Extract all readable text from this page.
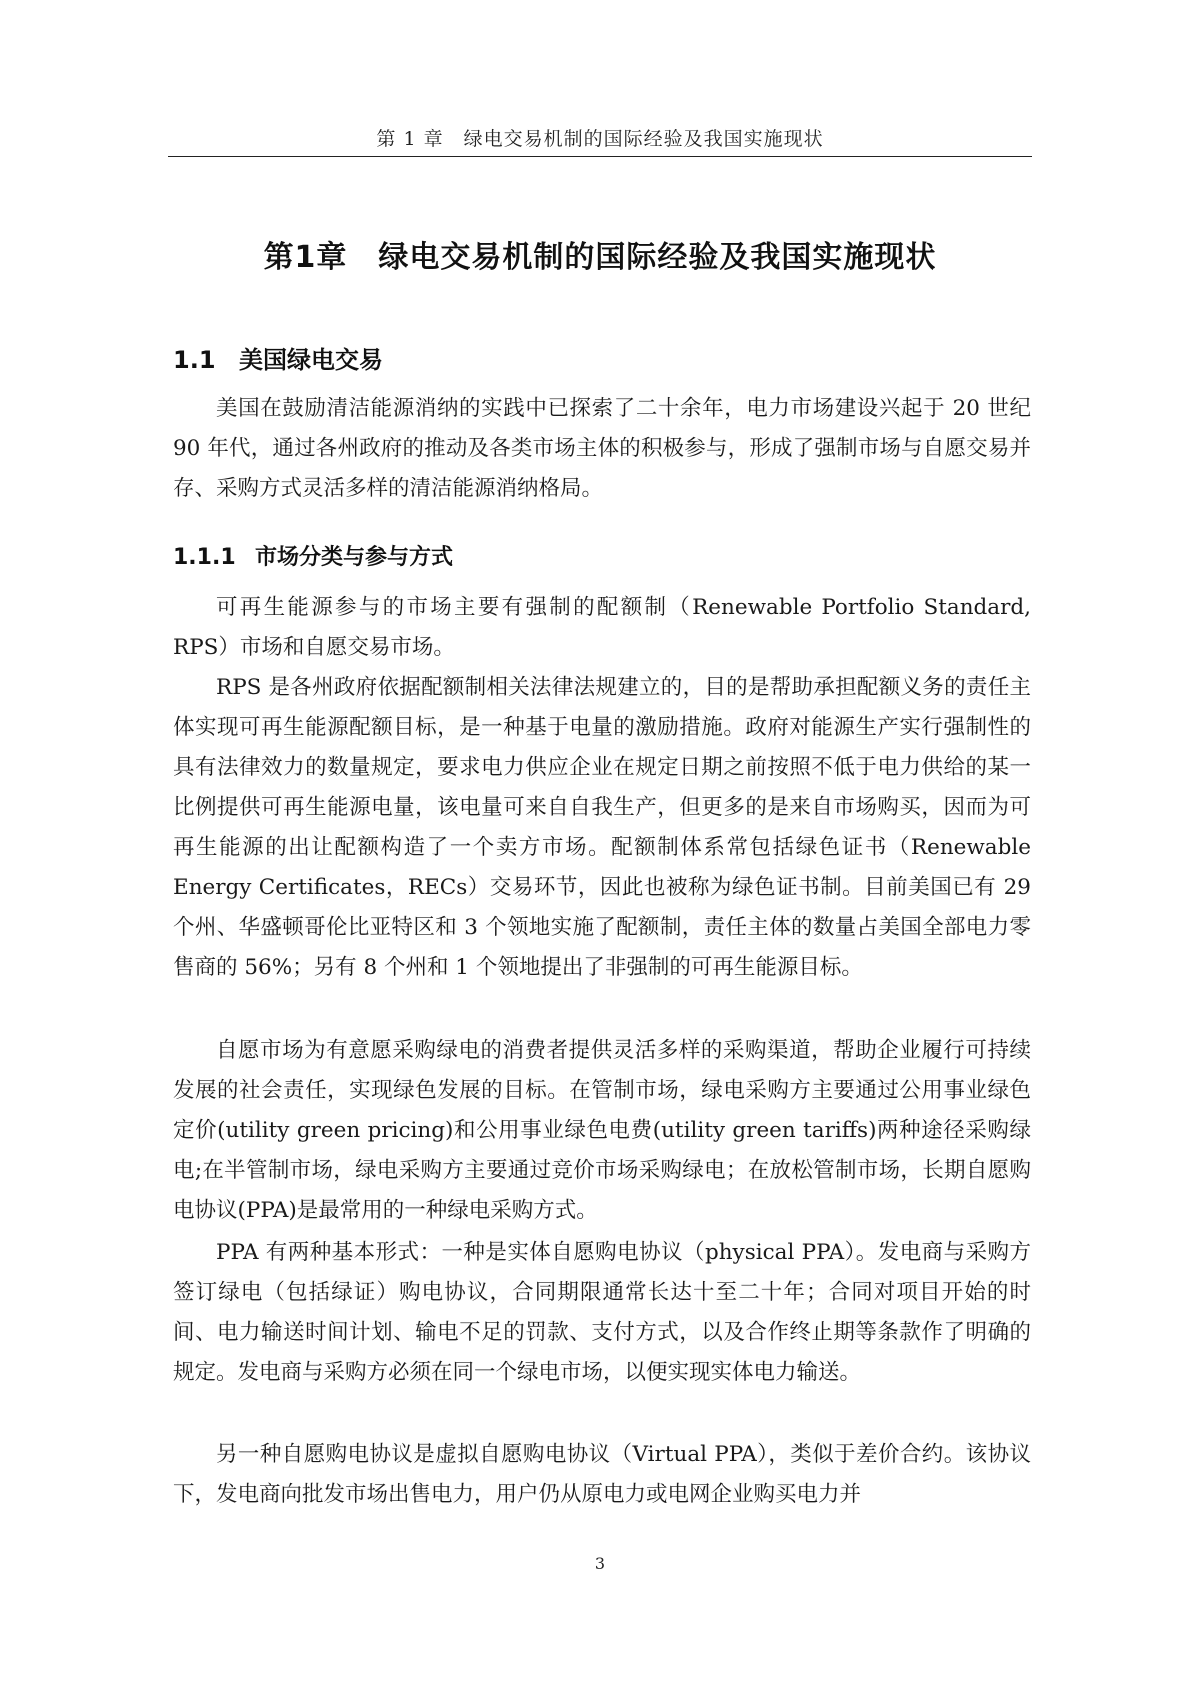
第 1 章　绿电交易机制的国际经验及我国实施现状
第1章　绿电交易机制的国际经验及我国实施现状
1.1 美国绿电交易

美国在鼓励清洁能源消纳的实践中已探索了二十余年，电力市场建设兴起于 20 世纪 90 年代，通过各州政府的推动及各类市场主体的积极参与，形成了强制市场与自愿交易并存、采购方式灵活多样的清洁能源消纳格局。

1.1.1 市场分类与参与方式

可再生能源参与的市场主要有强制的配额制（Renewable Portfolio Standard, RPS）市场和自愿交易市场。

RPS 是各州政府依据配额制相关法律法规建立的，目的是帮助承担配额义务的责任主体实现可再生能源配额目标，是一种基于电量的激励措施。政府对能源生产实行强制性的具有法律效力的数量规定，要求电力供应企业在规定日期之前按照不低于电力供给的某一比例提供可再生能源电量，该电量可来自自我生产，但更多的是来自市场购买，因而为可再生能源的出让配额构造了一个卖方市场。配额制体系常包括绿色证书（Renewable Energy Certificates，RECs）交易环节，因此也被称为绿色证书制。目前美国已有 29 个州、华盛顿哥伦比亚特区和 3 个领地实施了配额制，责任主体的数量占美国全部电力零售商的 56%；另有 8 个州和 1 个领地提出了非强制的可再生能源目标。

自愿市场为有意愿采购绿电的消费者提供灵活多样的采购渠道，帮助企业履行可持续发展的社会责任，实现绿色发展的目标。在管制市场，绿电采购方主要通过公用事业绿色定价(utility green pricing)和公用事业绿色电费(utility green tariffs)两种途径采购绿电;在半管制市场，绿电采购方主要通过竞价市场采购绿电；在放松管制市场，长期自愿购电协议(PPA)是最常用的一种绿电采购方式。

PPA 有两种基本形式：一种是实体自愿购电协议（physical PPA）。发电商与采购方签订绿电（包括绿证）购电协议，合同期限通常长达十至二十年；合同对项目开始的时间、电力输送时间计划、输电不足的罚款、支付方式，以及合作终止期等条款作了明确的规定。发电商与采购方必须在同一个绿电市场，以便实现实体电力输送。

另一种自愿购电协议是虚拟自愿购电协议（Virtual PPA），类似于差价合约。该协议下，发电商向批发市场出售电力，用户仍从原电力或电网企业购买电力并

3
